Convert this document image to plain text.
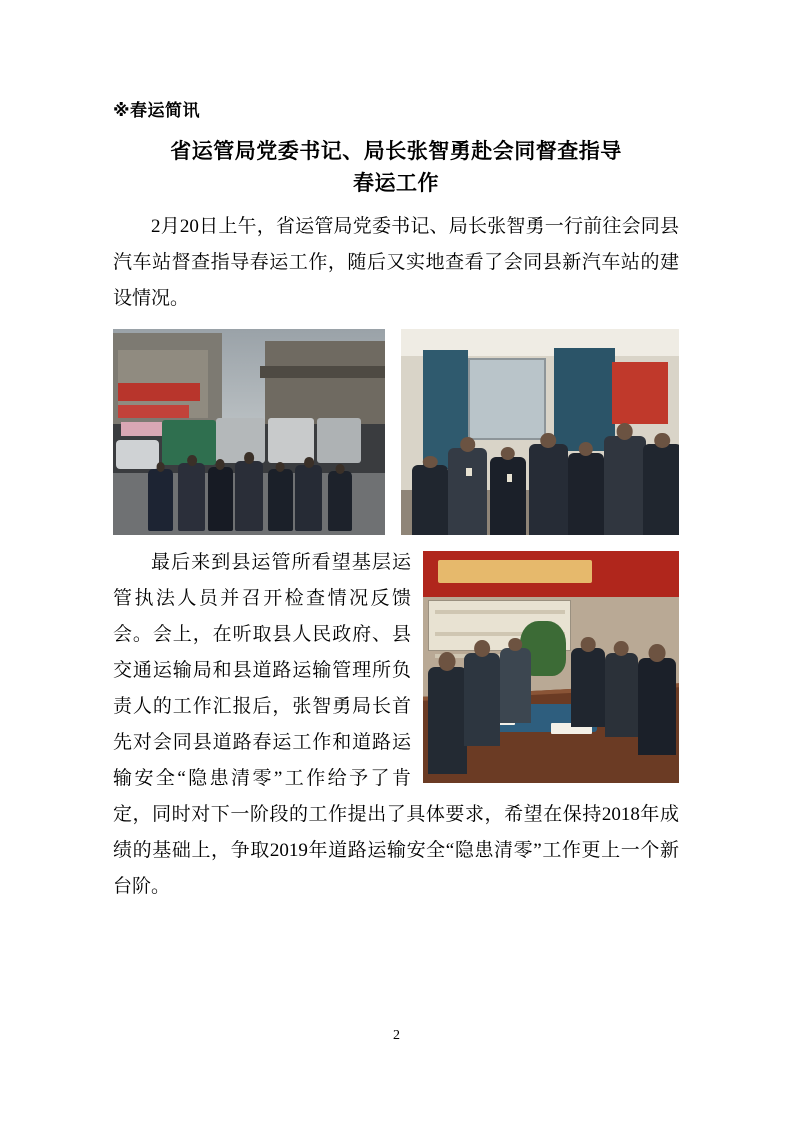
※春运简讯
省运管局党委书记、局长张智勇赴会同督查指导
春运工作

2月20日上午，省运管局党委书记、局长张智勇一行前往会同县汽车站督查指导春运工作，随后又实地查看了会同县新汽车站的建设情况。

最后来到县运管所看望基层运管执法人员并召开检查情况反馈会。会上，在听取县人民政府、县交通运输局和县道路运输管理所负责人的工作汇报后，张智勇局长首先对会同县道路春运工作和道路运输安全“隐患清零”工作给予了肯定，同时对下一阶段的工作提出了具体要求，希望在保持2018年成绩的基础上，争取2019年道路运输安全“隐患清零”工作更上一个新台阶。

2
